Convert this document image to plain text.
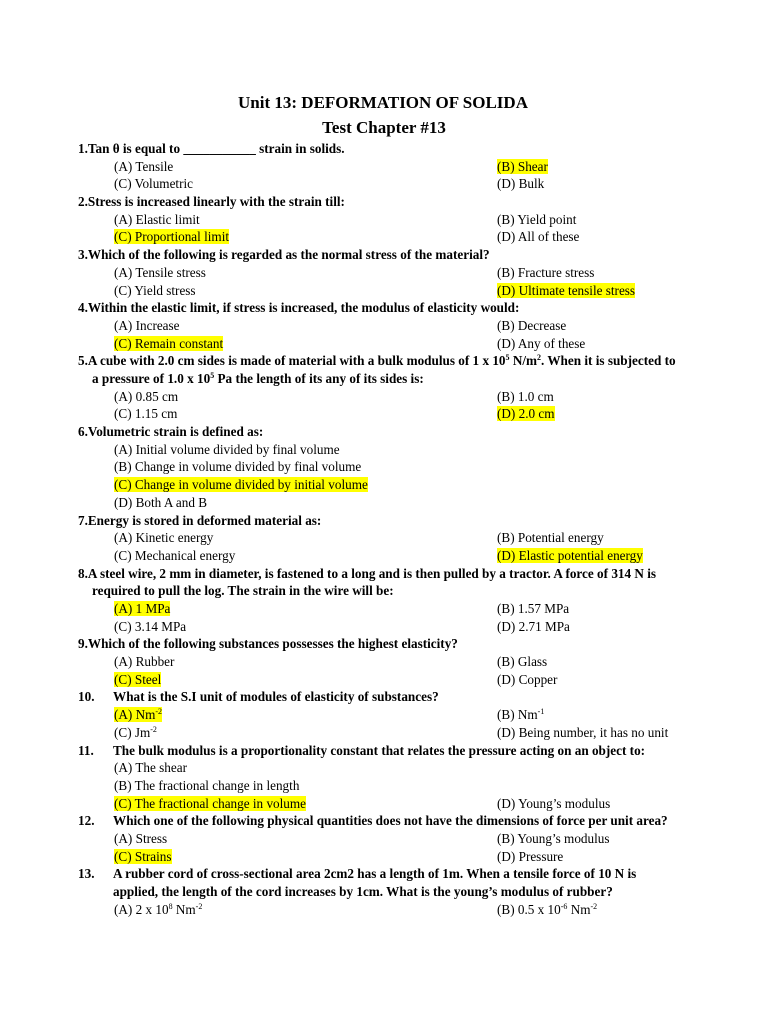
Unit 13: DEFORMATION OF SOLIDA
Test Chapter #13
1.Tan θ is equal to ___________ strain in solids.
(A) Tensile	(B) Shear
(C) Volumetric	(D) Bulk
2.Stress is increased linearly with the strain till:
(A) Elastic limit	(B) Yield point
(C) Proportional limit	(D) All of these
3.Which of the following is regarded as the normal stress of the material?
(A) Tensile stress	(B) Fracture stress
(C) Yield stress	(D) Ultimate tensile stress
4.Within the elastic limit, if stress is increased, the modulus of elasticity would:
(A) Increase	(B) Decrease
(C) Remain constant	(D) Any of these
5.A cube with 2.0 cm sides is made of material with a bulk modulus of 1 x $10^5$ $N/m^2$. When it is subjected to a pressure of 1.0 x $10^5$ Pa the length of its any of its sides is:
(A) 0.85 cm	(B) 1.0 cm
(C) 1.15 cm	(D) 2.0 cm
6.Volumetric strain is defined as:
(A) Initial volume divided by final volume
(B) Change in volume divided by final volume
(C) Change in volume divided by initial volume
(D) Both A and B
7.Energy is stored in deformed material as:
(A) Kinetic energy	(B) Potential energy
(C) Mechanical energy	(D) Elastic potential energy
8.A steel wire, 2 mm in diameter, is fastened to a long and is then pulled by a tractor. A force of 314 N is required to pull the log. The strain in the wire will be:
(A) 1 MPa	(B) 1.57 MPa
(C) 3.14 MPa	(D) 2.71 MPa
9.Which of the following substances possesses the highest elasticity?
(A) Rubber	(B) Glass
(C) Steel	(D) Copper
10. What is the S.I unit of modules of elasticity of substances?
(A) $Nm^{-2}$	(B) $Nm^{-1}$
(C) $Jm^{-2}$	(D) Being number, it has no unit
11. The bulk modulus is a proportionality constant that relates the pressure acting on an object to:
(A) The shear
(B) The fractional change in length
(C) The fractional change in volume	(D) Young’s modulus
12. Which one of the following physical quantities does not have the dimensions of force per unit area?
(A) Stress	(B) Young’s modulus
(C) Strains	(D) Pressure
13. A rubber cord of cross-sectional area 2cm2 has a length of 1m. When a tensile force of 10 N is applied, the length of the cord increases by 1cm. What is the young’s modulus of rubber?
(A) 2 x $10^8$ $Nm^{-2}$	(B) 0.5 x $10^{-6}$ $Nm^{-2}$
